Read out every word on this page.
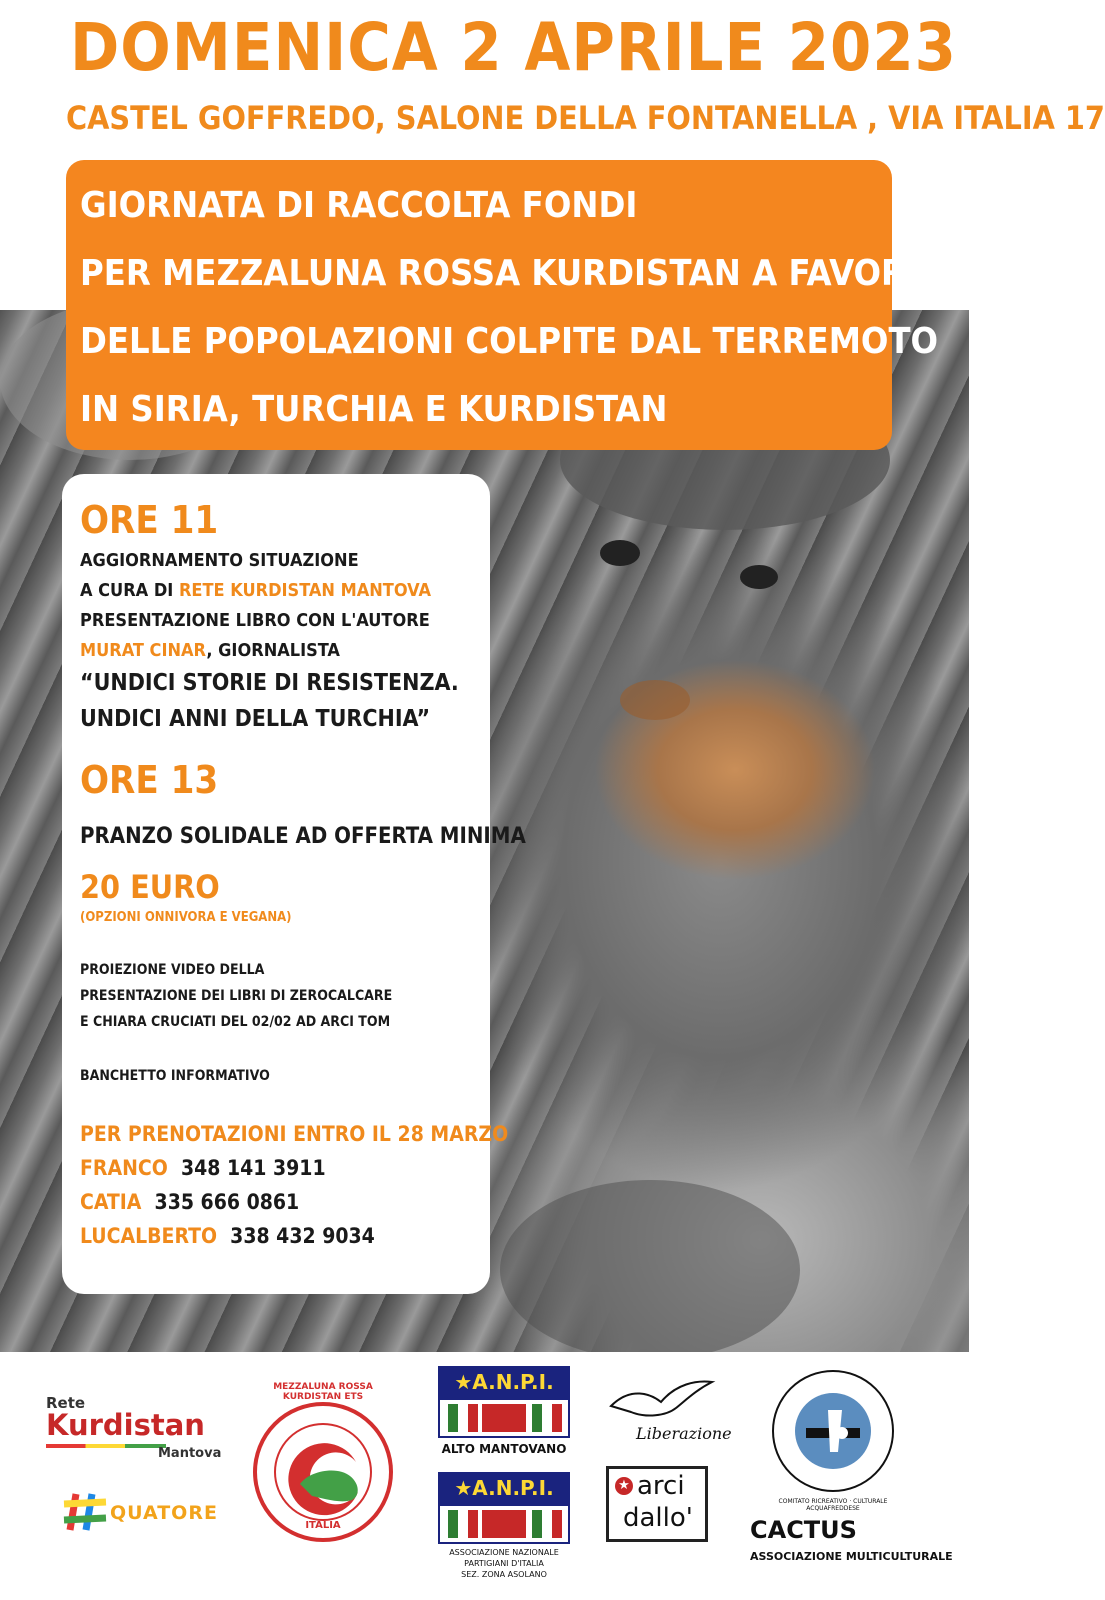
DOMENICA 2 APRILE 2023
CASTEL GOFFREDO, SALONE DELLA FONTANELLA , VIA ITALIA 17
GIORNATA DI RACCOLTA FONDI
PER MEZZALUNA ROSSA KURDISTAN A FAVORE
DELLE POPOLAZIONI COLPITE DAL TERREMOTO
IN SIRIA, TURCHIA E KURDISTAN
ORE 11
AGGIORNAMENTO SITUAZIONE
A CURA DI RETE KURDISTAN MANTOVA
PRESENTAZIONE LIBRO CON L'AUTORE
MURAT CINAR, GIORNALISTA
“UNDICI STORIE DI RESISTENZA.
UNDICI ANNI DELLA TURCHIA”
ORE 13
PRANZO SOLIDALE AD OFFERTA MINIMA
20 EURO
(OPZIONI ONNIVORA E VEGANA)
PROIEZIONE VIDEO DELLA
PRESENTAZIONE DEI LIBRI DI ZEROCALCARE
E CHIARA CRUCIATI DEL 02/02 AD ARCI TOM
BANCHETTO INFORMATIVO
PER PRENOTAZIONI ENTRO IL 28 MARZO
FRANCO 348 141 3911
CATIA 335 666 0861
LUCALBERTO 338 432 9034
Rete
Kurdistan
Mantova
QUATORE
MEZZALUNA ROSSA KURDISTAN ETS
ITALIA
★A.N.P.I.
ALTO MANTOVANO
★A.N.P.I.
ASSOCIAZIONE NAZIONALE
PARTIGIANI D'ITALIA
SEZ. ZONA ASOLANO
Liberazione
★ arci
dallo'
COMITATO RICREATIVO · CULTURALE ACQUAFREDDESE
CACTUS
ASSOCIAZIONE MULTICULTURALE
